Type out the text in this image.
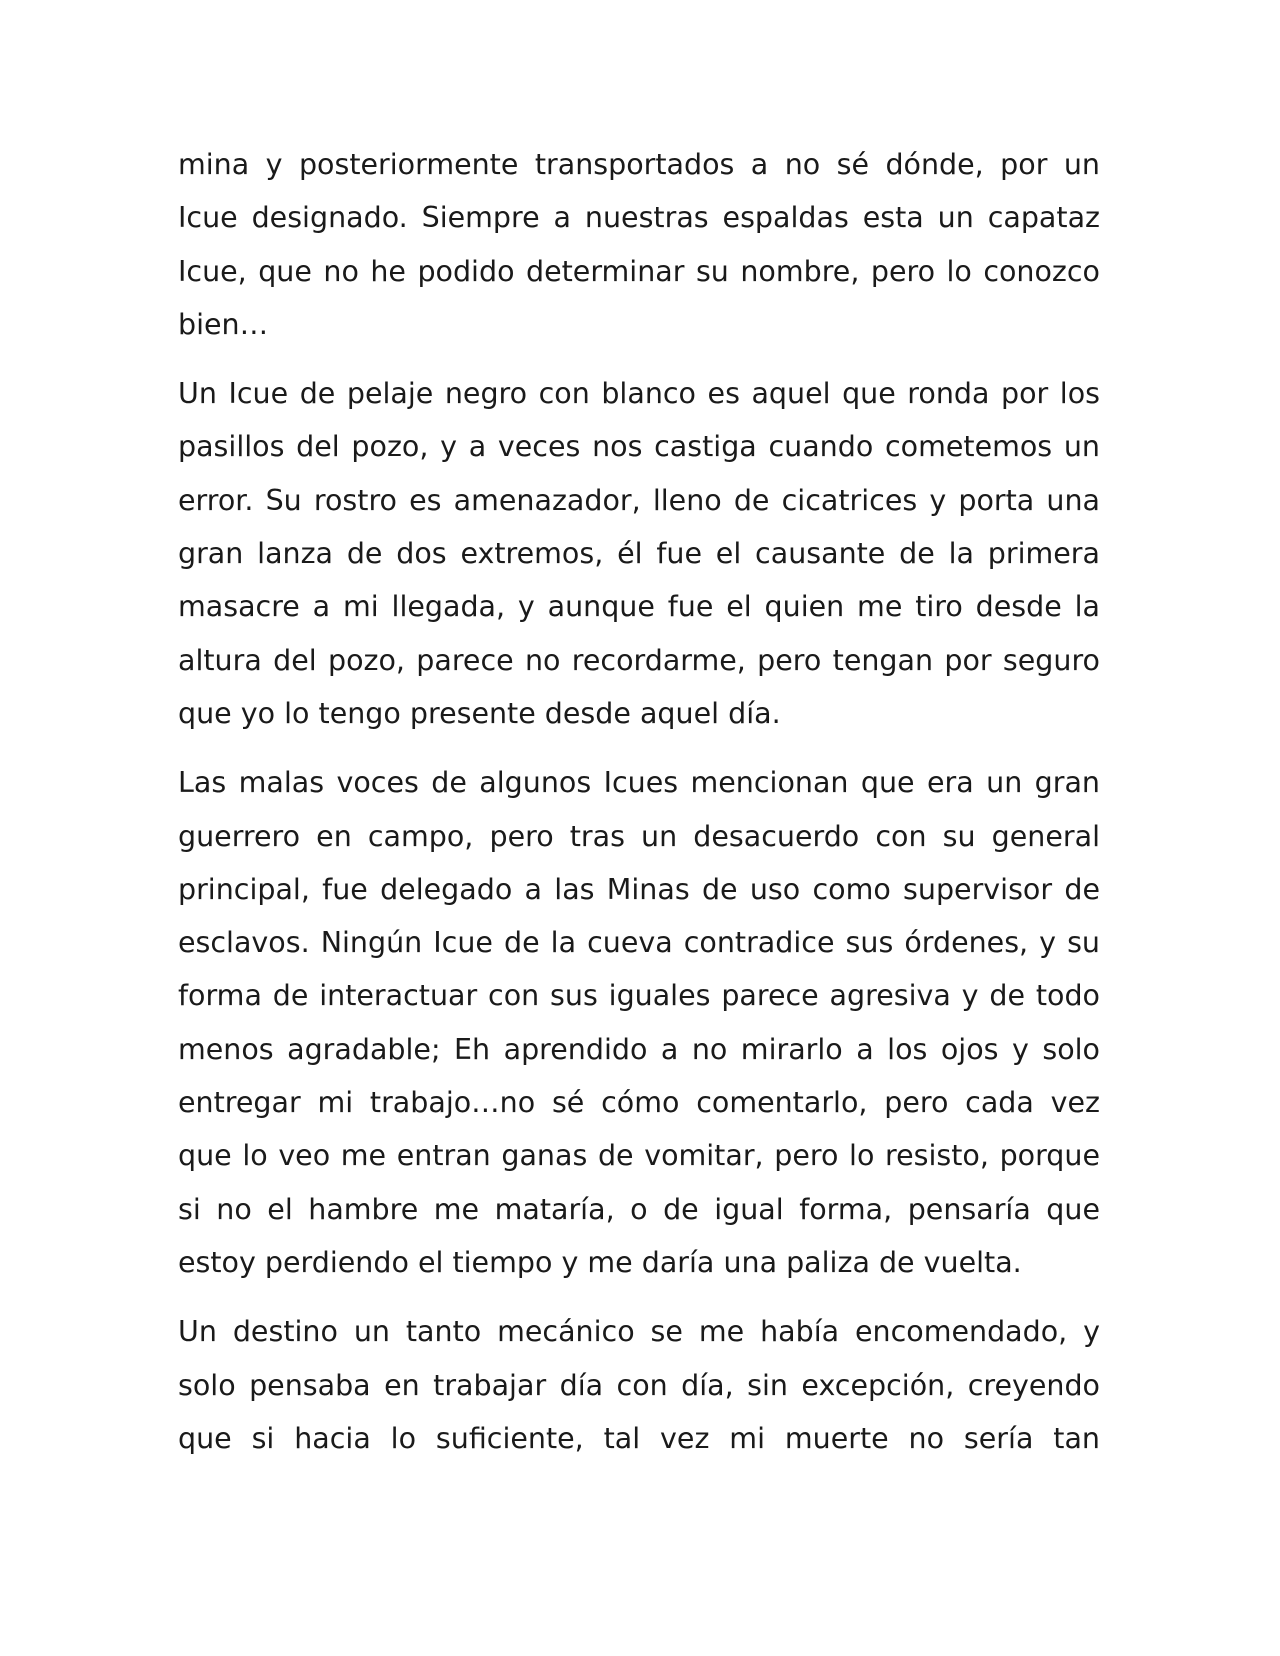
mina y posteriormente transportados a no sé dónde, por un Icue designado. Siempre a nuestras espaldas esta un capataz Icue, que no he podido determinar su nombre, pero lo conozco bien…

Un Icue de pelaje negro con blanco es aquel que ronda por los pasillos del pozo, y a veces nos castiga cuando cometemos un error. Su rostro es amenazador, lleno de cicatrices y porta una gran lanza de dos extremos, él fue el causante de la primera masacre a mi llegada, y aunque fue el quien me tiro desde la altura del pozo, parece no recordarme, pero tengan por seguro que yo lo tengo presente desde aquel día.

Las malas voces de algunos Icues mencionan que era un gran guerrero en campo, pero tras un desacuerdo con su general principal, fue delegado a las Minas de uso como supervisor de esclavos. Ningún Icue de la cueva contradice sus órdenes, y su forma de interactuar con sus iguales parece agresiva y de todo menos agradable; Eh aprendido a no mirarlo a los ojos y solo entregar mi trabajo…no sé cómo comentarlo, pero cada vez que lo veo me entran ganas de vomitar, pero lo resisto, porque si no el hambre me mataría, o de igual forma, pensaría que estoy perdiendo el tiempo y me daría una paliza de vuelta.

Un destino un tanto mecánico se me había encomendado, y solo pensaba en trabajar día con día, sin excepción, creyendo que si hacia lo suficiente, tal vez mi muerte no sería tan
